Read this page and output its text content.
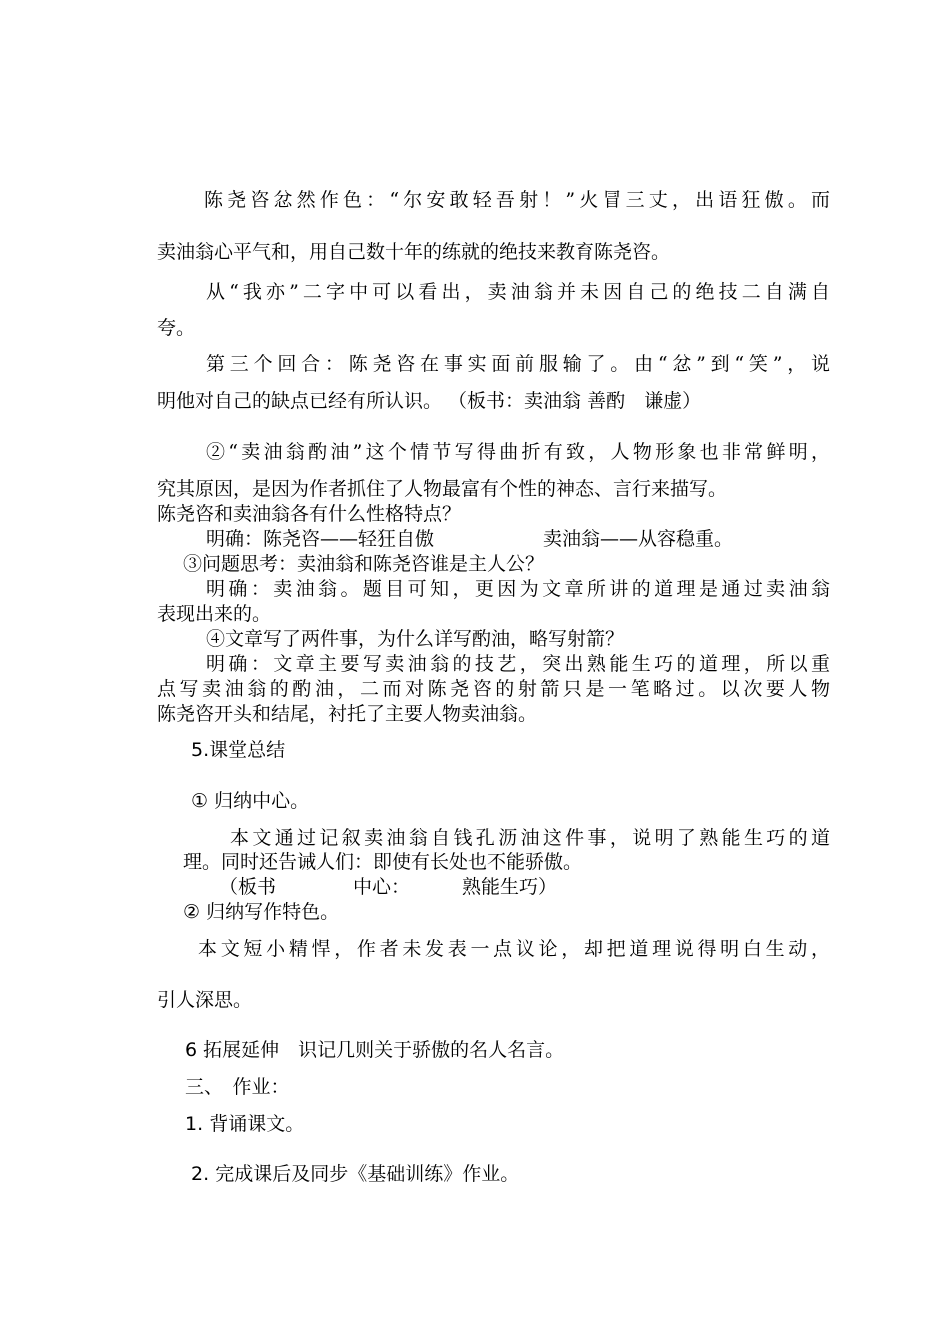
陈尧咨忿然作色：“尔安敢轻吾射！”火冒三丈，出语狂傲。而
卖油翁心平气和，用自己数十年的练就的绝技来教育陈尧咨。
从“我亦”二字中可以看出，卖油翁并未因自己的绝技二自满自
夸。
第三个回合：陈尧咨在事实面前服输了。由“忿”到“笑”，说
明他对自己的缺点已经有所认识。 （板书：卖油翁 善酌　谦虚）
②“卖油翁酌油”这个情节写得曲折有致，人物形象也非常鲜明，
究其原因，是因为作者抓住了人物最富有个性的神态、言行来描写。
陈尧咨和卖油翁各有什么性格特点？
明确：陈尧咨——轻狂自傲	卖油翁——从容稳重。
③问题思考：卖油翁和陈尧咨谁是主人公？
明确：卖油翁。题目可知，更因为文章所讲的道理是通过卖油翁
表现出来的。
④文章写了两件事，为什么详写酌油，略写射箭？
明确：文章主要写卖油翁的技艺，突出熟能生巧的道理，所以重
点写卖油翁的酌油，二而对陈尧咨的射箭只是一笔略过。以次要人物
陈尧咨开头和结尾，衬托了主要人物卖油翁。
5.课堂总结
① 归纳中心。
本文通过记叙卖油翁自钱孔沥油这件事，说明了熟能生巧的道
理。同时还告诫人们：即使有长处也不能骄傲。
（板书	中心：	熟能生巧）
② 归纳写作特色。
本文短小精悍，作者未发表一点议论，却把道理说得明白生动，
引人深思。
6 拓展延伸　识记几则关于骄傲的名人名言。
三、　作业：
1. 背诵课文。
2. 完成课后及同步《基础训练》作业。
